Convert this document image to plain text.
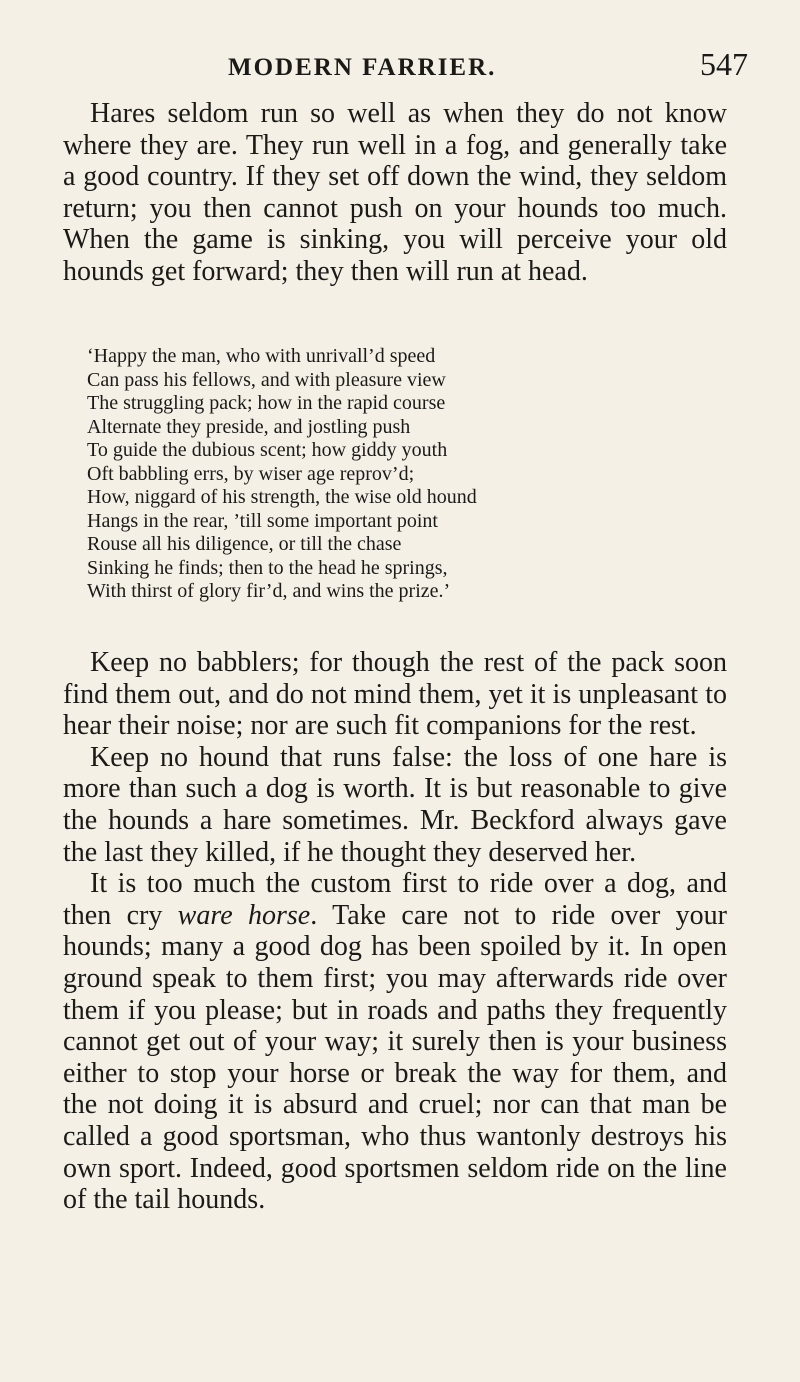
MODERN FARRIER.	547

Hares seldom run so well as when they do not know where they are. They run well in a fog, and generally take a good country. If they set off down the wind, they seldom return; you then cannot push on your hounds too much. When the game is sinking, you will perceive your old hounds get forward; they then will run at head.

‘Happy the man, who with unrivall’d speed
Can pass his fellows, and with pleasure view
The struggling pack; how in the rapid course
Alternate they preside, and jostling push
To guide the dubious scent; how giddy youth
Oft babbling errs, by wiser age reprov’d;
How, niggard of his strength, the wise old hound
Hangs in the rear, ’till some important point
Rouse all his diligence, or till the chase
Sinking he finds; then to the head he springs,
With thirst of glory fir’d, and wins the prize.’

Keep no babblers; for though the rest of the pack soon find them out, and do not mind them, yet it is unpleasant to hear their noise; nor are such fit companions for the rest.

Keep no hound that runs false: the loss of one hare is more than such a dog is worth. It is but reasonable to give the hounds a hare sometimes. Mr. Beckford always gave the last they killed, if he thought they deserved her.

It is too much the custom first to ride over a dog, and then cry ware horse. Take care not to ride over your hounds; many a good dog has been spoiled by it. In open ground speak to them first; you may afterwards ride over them if you please; but in roads and paths they frequently cannot get out of your way; it surely then is your business either to stop your horse or break the way for them, and the not doing it is absurd and cruel; nor can that man be called a good sportsman, who thus wantonly destroys his own sport. Indeed, good sportsmen seldom ride on the line of the tail hounds.
